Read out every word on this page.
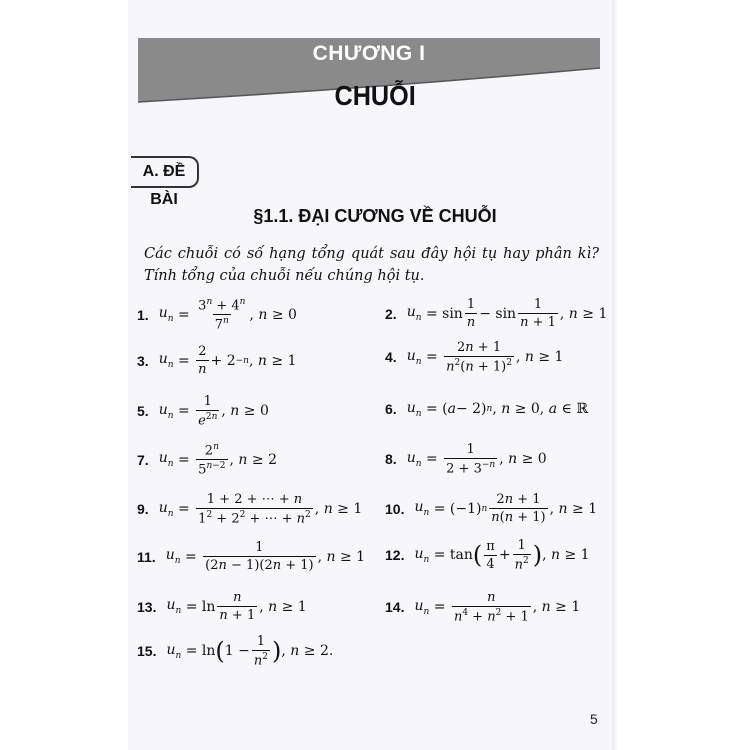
CHƯƠNG I
CHUỖI
A. ĐỀ BÀI
§1.1. ĐẠI CƯƠNG VỀ CHUỖI
Các chuỗi có số hạng tổng quát sau đây hội tụ hay phân kì? Tính tổng của chuỗi nếu chúng hội tụ.
1. $u_n = \frac{3^n + 4^n}{7^n}$ , n ≥ 0	2. $u_n = \sin \frac{1}{n} - \sin \frac{1}{n + 1}$ , n ≥ 1
3. $u_n = \frac{2}{n} + 2 -n$ , n ≥ 1	4. $u_n = \frac{2n + 1}{n^2(n + 1)^2}$ , n ≥ 1
5. $u_n = \frac{1}{e^{2n}}$ , n ≥ 0	6. $u_n$ = ( a − 2) n , n ≥ 0, a ∈ ℝ
7. $u_n = \frac{2^n}{5^{n-2}}$ , n ≥ 2	8. $u_n = \frac{1}{2 + 3^{-n}}$ , n ≥ 0
9. $u_n = \frac{1 + 2 + \cdots + n}{1^2 + 2^2 + \cdots + n^2}$ , n ≥ 1 10. $u_n = (-1)$ n $\frac{2n + 1}{n(n + 1)}$ , n ≥ 1
11. $u_n = \frac{1}{(2n - 1)(2n + 1)}$ , n ≥ 1 12. $u_n = \tan$ ( $\frac{\pi}{4} + \frac{1}{n^2}$ ) , n ≥ 1
13. $u_n = \ln \frac{n}{n + 1}$ , n ≥ 1	14. $u_n = \frac{n}{n^4 + n^2 + 1}$ , n ≥ 1
15. $u_n = \ln$ ( $1 - \frac{1}{n^2}$ ) , n ≥ 2.
5
